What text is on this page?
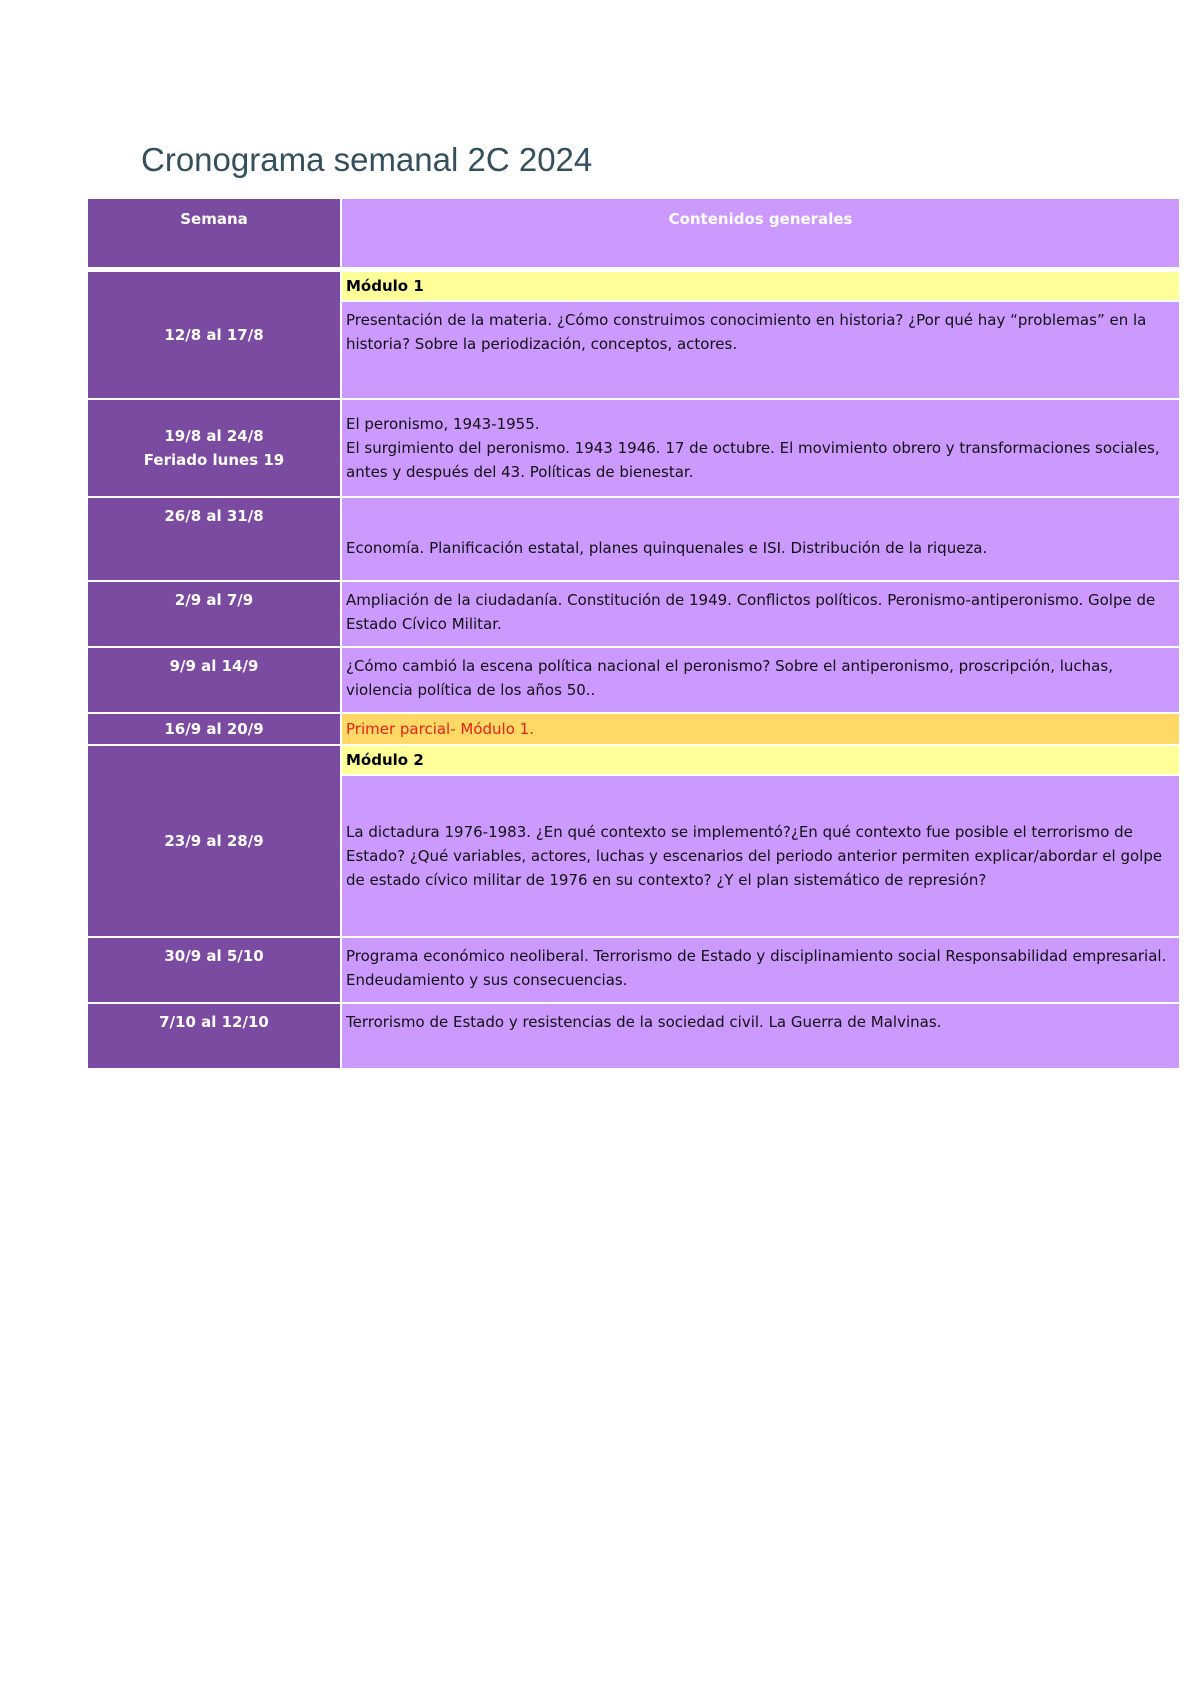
Cronograma semanal 2C 2024
Semana	Contenidos generales
12/8 al 17/8	Módulo 1
	Presentación de la materia. ¿Cómo construimos conocimiento en historia? ¿Por qué hay “problemas” en la historia? Sobre la periodización, conceptos, actores.

19/8 al 24/8
Feriado lunes 19	El peronismo, 1943-1955.
El surgimiento del peronismo. 1943 1946. 17 de octubre. El movimiento obrero y transformaciones sociales, antes y después del 43. Políticas de bienestar.

26/8 al 31/8	Economía. Planificación estatal, planes quinquenales e ISI. Distribución de la riqueza.
2/9 al 7/9	Ampliación de la ciudadanía. Constitución de 1949. Conflictos políticos. Peronismo-antiperonismo. Golpe de Estado Cívico Militar.
9/9 al 14/9	¿Cómo cambió la escena política nacional el peronismo? Sobre el antiperonismo, proscripción, luchas, violencia política de los años 50..
16/9 al 20/9	Primer parcial- Módulo 1.
23/9 al 28/9	Módulo 2
	La dictadura 1976-1983. ¿En qué contexto se implementó?¿En qué contexto fue posible el terrorismo de Estado? ¿Qué variables, actores, luchas y escenarios del periodo anterior permiten explicar/abordar el golpe de estado cívico militar de 1976 en su contexto? ¿Y el plan sistemático de represión?
30/9 al 5/10	Programa económico neoliberal. Terrorismo de Estado y disciplinamiento social Responsabilidad empresarial. Endeudamiento y sus consecuencias.
7/10 al 12/10	Terrorismo de Estado y resistencias de la sociedad civil. La Guerra de Malvinas.
